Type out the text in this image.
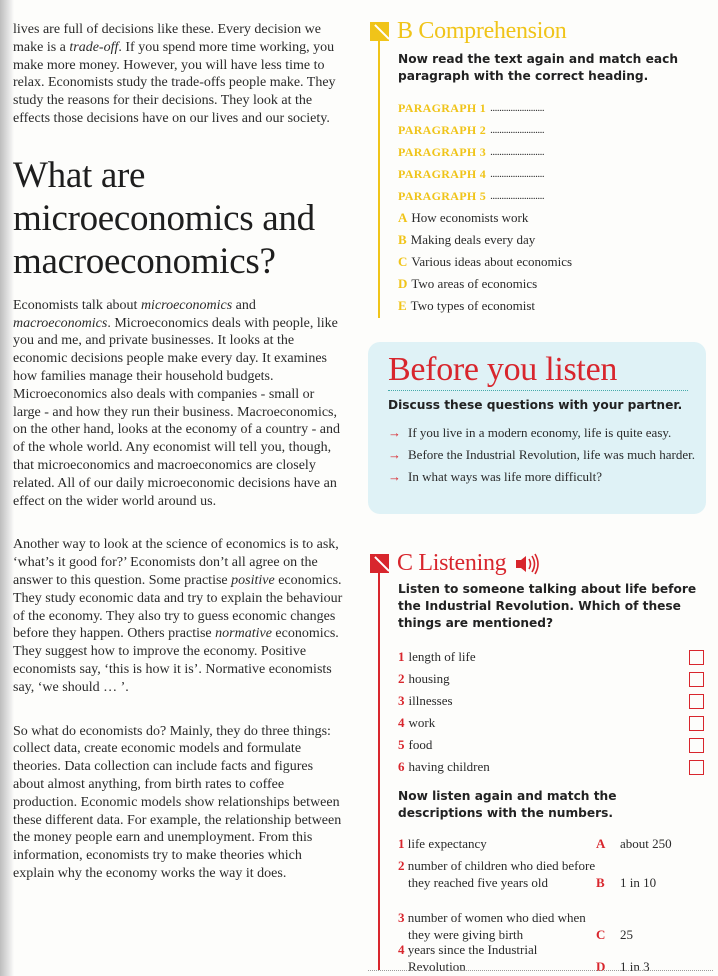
lives are full of decisions like these. Every decision we make is a trade-off. If you spend more time working, you make more money. However, you will have less time to relax. Economists study the trade-offs people make. They study the reasons for their decisions. They look at the effects those decisions have on our lives and our society.

What are microeconomics and macroeconomics?

Economists talk about microeconomics and macroeconomics. Microeconomics deals with people, like you and me, and private businesses. It looks at the economic decisions people make every day. It examines how families manage their household budgets. Microeconomics also deals with companies - small or large - and how they run their business. Macroeconomics, on the other hand, looks at the economy of a country - and of the whole world. Any economist will tell you, though, that microeconomics and macroeconomics are closely related. All of our daily microeconomic decisions have an effect on the wider world around us.

Another way to look at the science of economics is to ask, ‘what’s it good for?’ Economists don’t all agree on the answer to this question. Some practise positive economics. They study economic data and try to explain the behaviour of the economy. They also try to guess economic changes before they happen. Others practise normative economics. They suggest how to improve the economy. Positive economists say, ‘this is how it is’. Normative economists say, ‘we should … ’.

So what do economists do? Mainly, they do three things: collect data, create economic models and formulate theories. Data collection can include facts and figures about almost anything, from birth rates to coffee production. Economic models show relationships between these different data. For example, the relationship between the money people earn and unemployment. From this information, economists try to make theories which explain why the economy works the way it does.

B Comprehension

Now read the text again and match each paragraph with the correct heading.

PARAGRAPH 1 ........................
PARAGRAPH 2 ........................
PARAGRAPH 3 ........................
PARAGRAPH 4 ........................
PARAGRAPH 5 ........................
A How economists work
B Making deals every day
C Various ideas about economics
D Two areas of economics
E Two types of economist
Before you listen

Discuss these questions with your partner.

→ If you live in a modern economy, life is quite easy.
→ Before the Industrial Revolution, life was much harder.
→ In what ways was life more difficult?
C Listening

Listen to someone talking about life before the Industrial Revolution. Which of these things are mentioned?

1 length of life
2 housing
3 illnesses
4 work
5 food
6 having children

Now listen again and match the descriptions with the numbers.

1 life expectancy	A about 250
2 number of children who died before they reached five years old	B 1 in 10
3 number of women who died when they were giving birth	C 25
4 years since the Industrial Revolution	D 1 in 3
